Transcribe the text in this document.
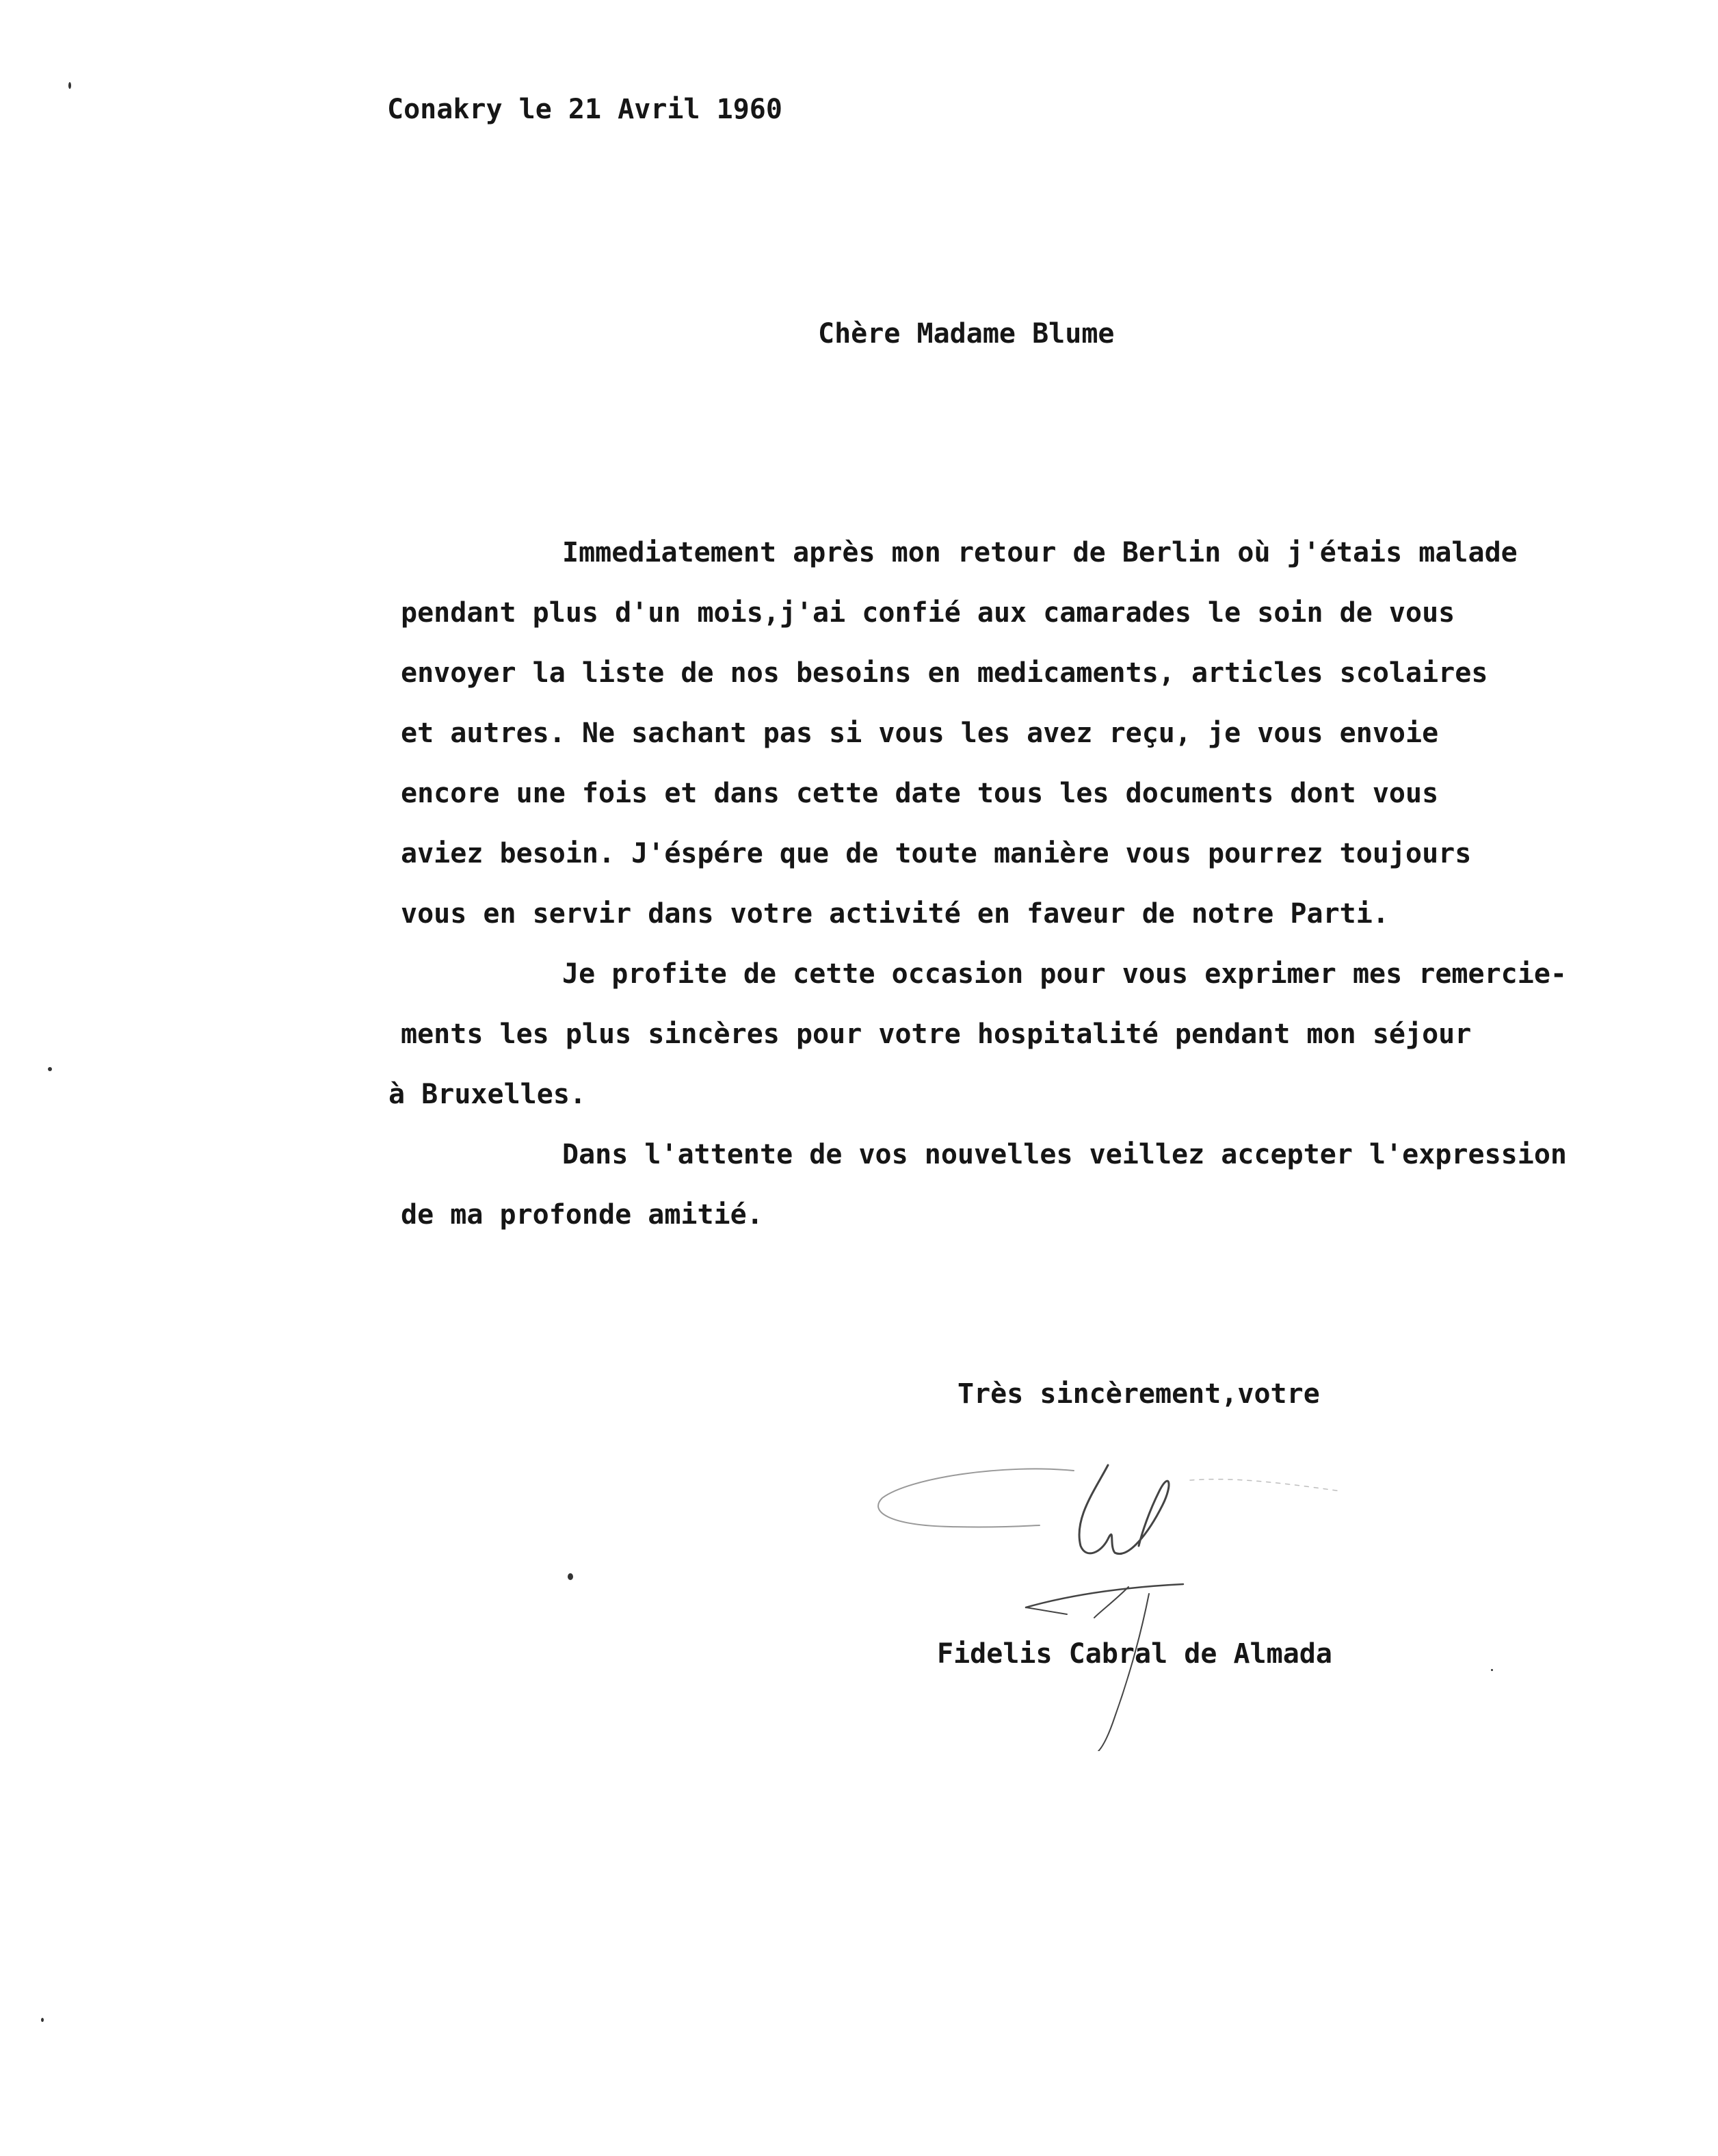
Conakry le 21 Avril 1960
Chère Madame Blume
Immediatement après mon retour de Berlin où j'étais malade
pendant plus d'un mois,j'ai confié aux camarades le soin de vous
envoyer la liste de nos besoins en medicaments, articles scolaires
et autres. Ne sachant pas si vous les avez reçu, je vous envoie
encore une fois et dans cette date tous les documents dont vous
aviez besoin. J'éspére que de toute manière vous pourrez toujours
vous en servir dans votre activité en faveur de notre Parti.
Je profite de cette occasion pour vous exprimer mes remercie-
ments les plus sincères pour votre hospitalité pendant mon séjour
à Bruxelles.
Dans l'attente de vos nouvelles veillez accepter l'expression
de ma profonde amitié.
Très sincèrement,votre
Fidelis Cabral de Almada
